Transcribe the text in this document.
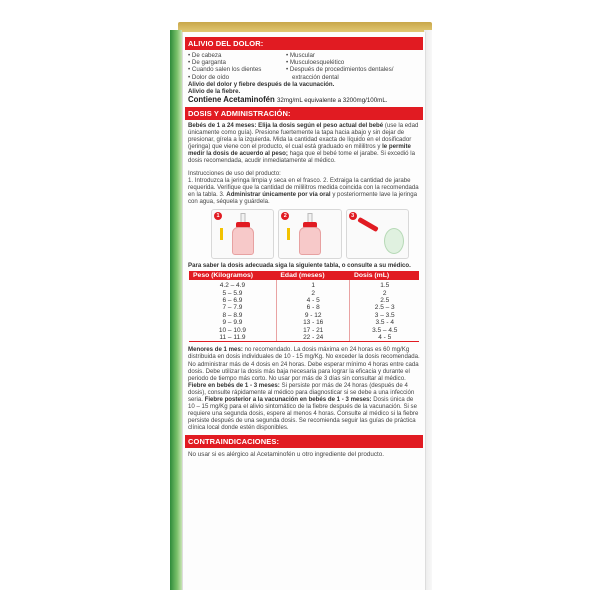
ALIVIO DEL DOLOR:
• De cabeza
• De garganta
• Cuando salen los dientes
• Dolor de oído
• Muscular
• Musculoesquelético
• Después de procedimientos dentales/
extracción dental
Alivio del dolor y fiebre después de la vacunación.
Alivio de la fiebre.
Contiene Acetaminofén 32mg/mL equivalente a 3200mg/100mL.
DOSIS Y ADMINISTRACIÓN:
Bebés de 1 a 24 meses: Elija la dosis según el peso actual del bebé (use la edad únicamente como guía). Presione fuertemente la tapa hacia abajo y sin dejar de presionar, gírela a la izquierda. Mida la cantidad exacta de líquido en el dosificador (jeringa) que viene con el producto, el cual está graduado en mililitros y le permite medir la dosis de acuerdo al peso; haga que el bebé tome el jarabe. Si excedió la dosis recomendada, acudir inmediatamente al médico.
Instrucciones de uso del producto:
1. Introduzca la jeringa limpia y seca en el frasco. 2. Extraiga la cantidad de jarabe requerida. Verifique que la cantidad de mililitros medida coincida con la recomendada en la tabla. 3. Administrar únicamente por vía oral y posteriormente lave la jeringa con agua, séquela y guárdela.
1	2	3
Para saber la dosis adecuada siga la siguiente tabla, o consulte a su médico.
Peso (Kilogramos)	Edad (meses)	Dosis (mL)
4.2 – 4.9	1	1.5
5 – 5.9	2	2
6 – 6.9	4 - 5	2.5
7 – 7.9	6 - 8	2.5 – 3
8 – 8.9	9 - 12	3 – 3.5
9 – 9.9	13 - 16	3.5 - 4
10 – 10.9	17 - 21	3.5 – 4.5
11 – 11.9	22 - 24	4 - 5
Menores de 1 mes: no recomendado. La dosis máxima en 24 horas es 60 mg/Kg distribuida en dosis individuales de 10 - 15 mg/Kg. No exceder la dosis recomendada. No administrar más de 4 dosis en 24 horas. Debe esperar mínimo 4 horas entre cada dosis. Debe utilizar la dosis más baja necesaria para lograr la eficacia y durante el periodo de tiempo más corto. No usar por más de 3 días sin consultar al médico. Fiebre en bebés de 1 - 3 meses: Si persiste por más de 24 horas (después de 4 dosis), consulte rápidamente al médico para diagnosticar si se debe a una infección seria. Fiebre posterior a la vacunación en bebés de 1 - 3 meses: Dosis única de 10 – 15 mg/Kg para el alivio sintomático de la fiebre después de la vacunación. Si se requiere una segunda dosis, espere al menos 4 horas. Consulte al médico si la fiebre persiste después de una segunda dosis. Se recomienda seguir las guías de práctica clínica local donde estén disponibles.
CONTRAINDICACIONES:
No usar si es alérgico al Acetaminofén u otro ingrediente del producto.
